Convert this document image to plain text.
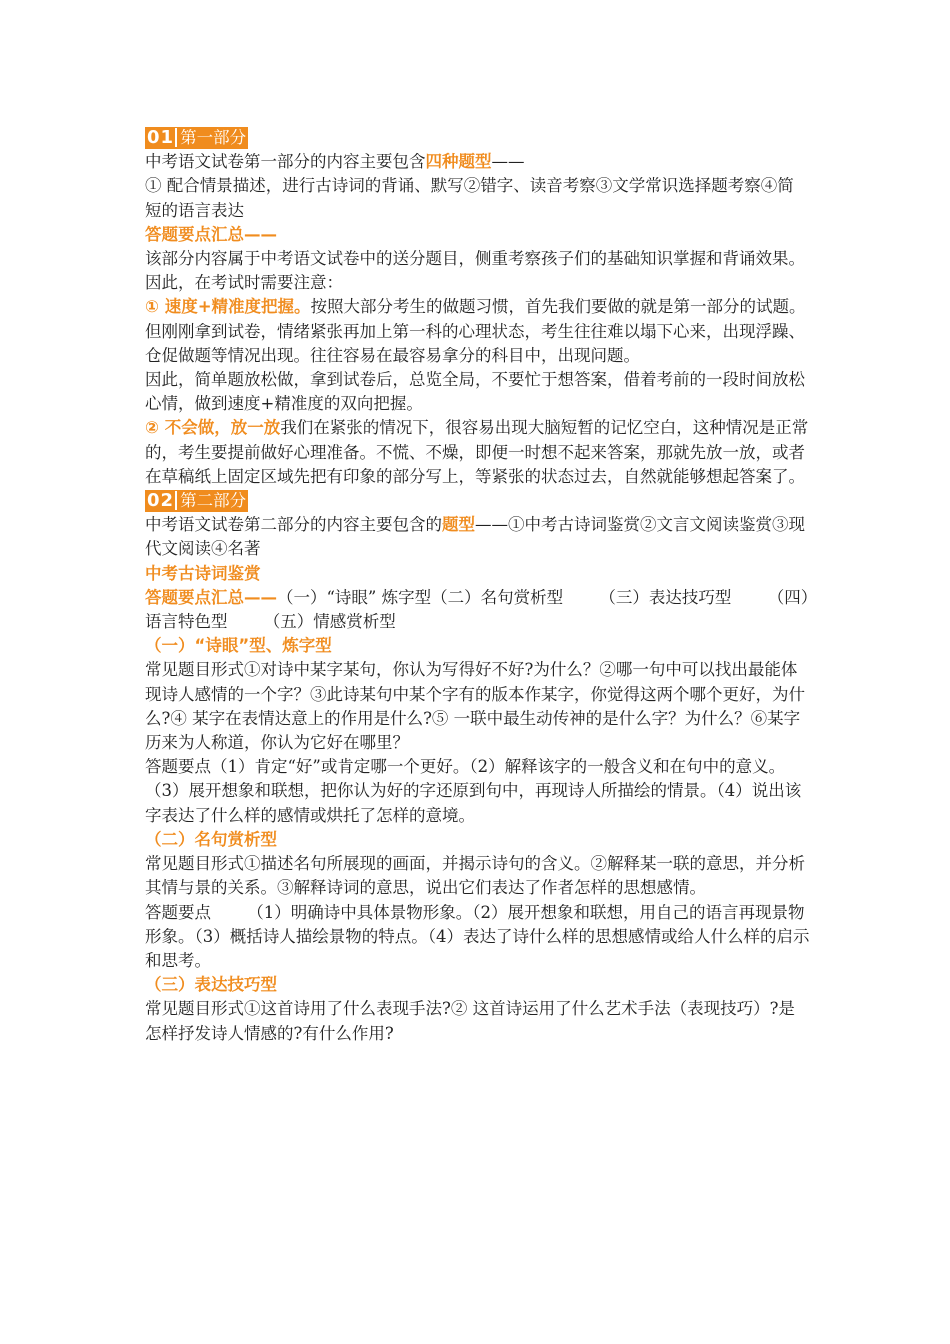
01 第一部分

中考语文试卷第一部分的内容主要包含四种题型——

① 配合情景描述，进行古诗词的背诵、默写②错字、读音考察③文学常识选择题考察④简短的语言表达

答题要点汇总——

该部分内容属于中考语文试卷中的送分题目，侧重考察孩子们的基础知识掌握和背诵效果。

因此，在考试时需要注意：

① 速度+精准度把握。按照大部分考生的做题习惯，首先我们要做的就是第一部分的试题。但刚刚拿到试卷，情绪紧张再加上第一科的心理状态，考生往往难以塌下心来，出现浮躁、仓促做题等情况出现。往往容易在最容易拿分的科目中，出现问题。

因此，简单题放松做，拿到试卷后，总览全局，不要忙于想答案，借着考前的一段时间放松心情，做到速度+精准度的双向把握。

② 不会做，放一放我们在紧张的情况下，很容易出现大脑短暂的记忆空白，这种情况是正常的，考生要提前做好心理准备。不慌、不燥，即便一时想不起来答案，那就先放一放，或者在草稿纸上固定区域先把有印象的部分写上，等紧张的状态过去，自然就能够想起答案了。

02 第二部分

中考语文试卷第二部分的内容主要包含的题型——①中考古诗词鉴赏②文言文阅读鉴赏③现代文阅读④名著

中考古诗词鉴赏

答题要点汇总——（一）“诗眼” 炼字型（二）名句赏析型 （三）表达技巧型 （四）语言特色型 （五）情感赏析型

（一）“诗眼”型、炼字型

常见题目形式①对诗中某字某句，你认为写得好不好?为什么？②哪一句中可以找出最能体现诗人感情的一个字？③此诗某句中某个字有的版本作某字，你觉得这两个哪个更好，为什么?④ 某字在表情达意上的作用是什么?⑤ 一联中最生动传神的是什么字？为什么？⑥某字历来为人称道，你认为它好在哪里？

答题要点（1）肯定“好”或肯定哪一个更好。（2）解释该字的一般含义和在句中的意义。（3）展开想象和联想，把你认为好的字还原到句中，再现诗人所描绘的情景。（4）说出该字表达了什么样的感情或烘托了怎样的意境。

（二）名句赏析型

常见题目形式①描述名句所展现的画面，并揭示诗句的含义。②解释某一联的意思，并分析其情与景的关系。③解释诗词的意思，说出它们表达了作者怎样的思想感情。

答题要点 （1）明确诗中具体景物形象。（2）展开想象和联想，用自己的语言再现景物形象。（3）概括诗人描绘景物的特点。（4）表达了诗什么样的思想感情或给人什么样的启示和思考。

（三）表达技巧型

常见题目形式①这首诗用了什么表现手法?② 这首诗运用了什么艺术手法（表现技巧）?是怎样抒发诗人情感的?有什么作用?
